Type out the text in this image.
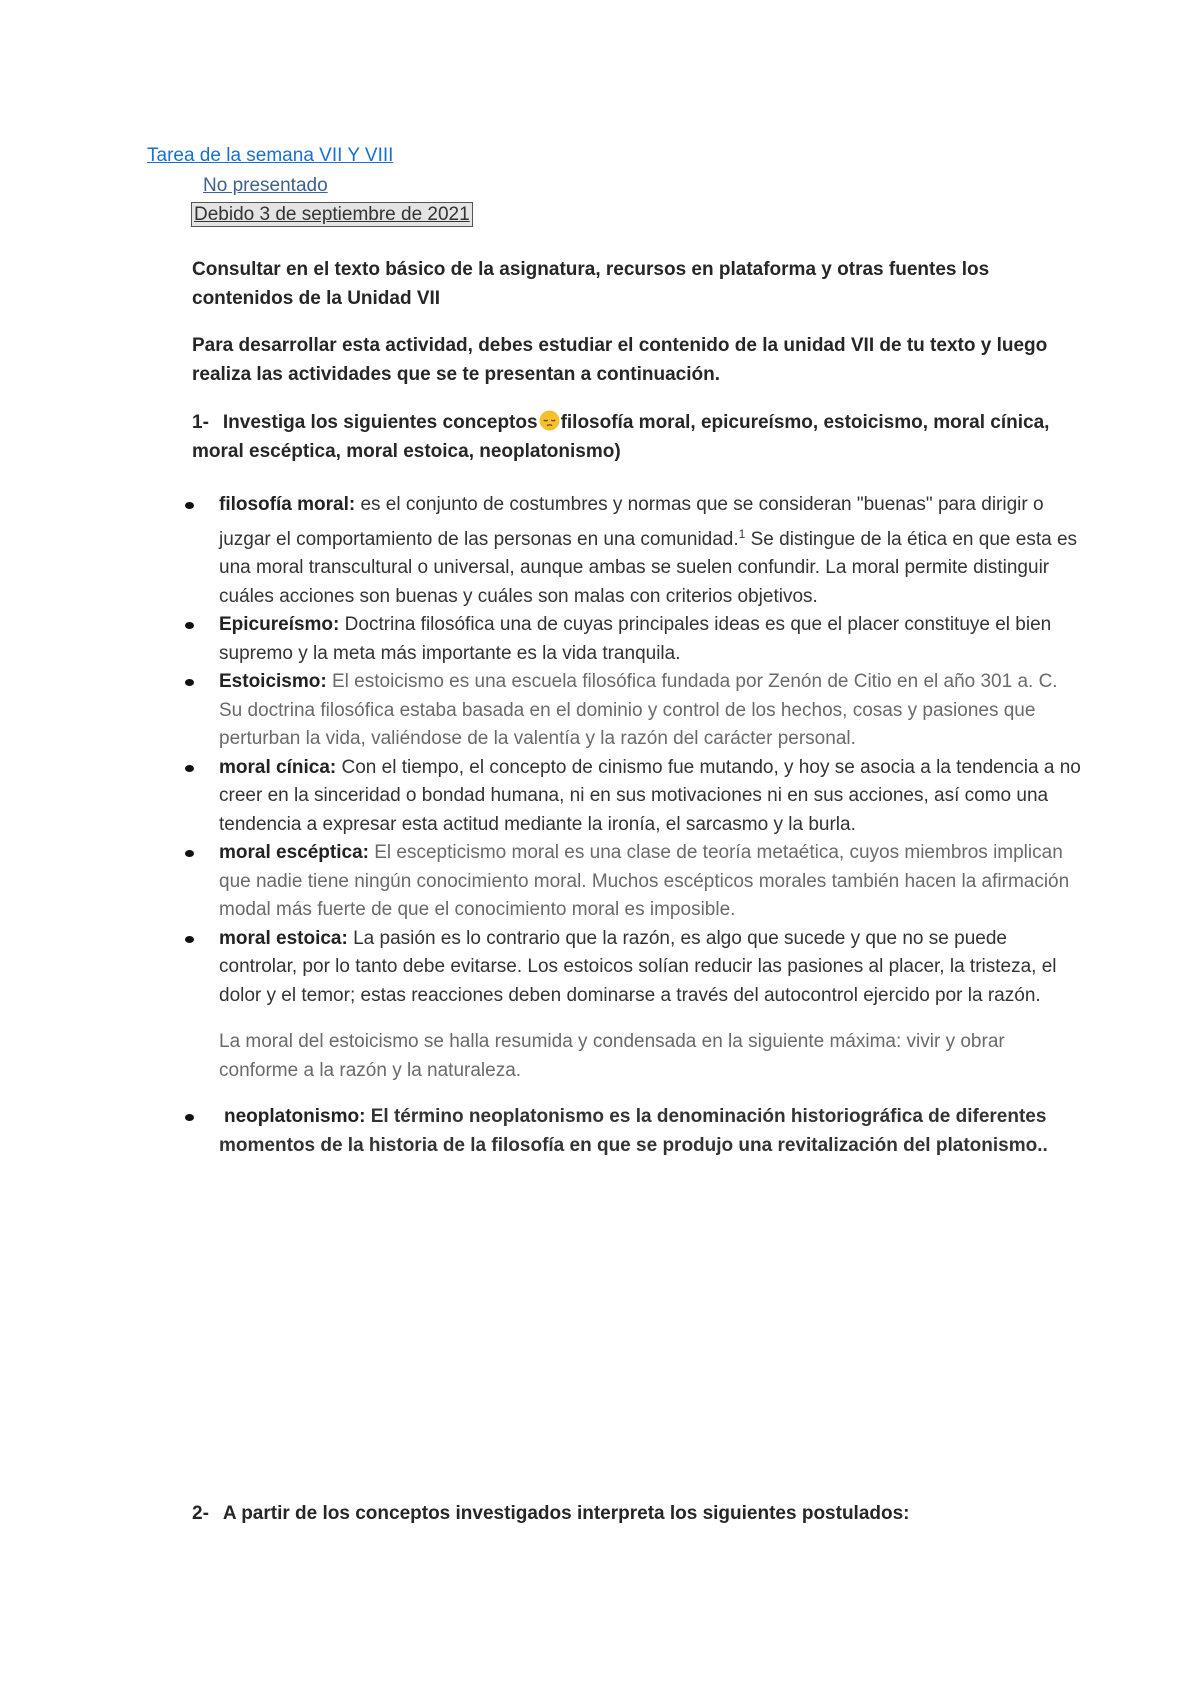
Tarea de la semana VII Y VIII
No presentado
Debido 3 de septiembre de 2021
Consultar en el texto básico de la asignatura, recursos en plataforma y otras fuentes los contenidos de la Unidad VII
Para desarrollar esta actividad, debes estudiar el contenido de la unidad VII de tu texto y luego realiza las actividades que se te presentan a continuación.
1- Investiga los siguientes conceptos filosofía moral, epicureísmo, estoicismo, moral cínica, moral escéptica, moral estoica, neoplatonismo)
filosofía moral: es el conjunto de costumbres y normas que se consideran "buenas" para dirigir o juzgar el comportamiento de las personas en una comunidad.$^1$ Se distingue de la ética en que esta es una moral transcultural o universal, aunque ambas se suelen confundir. La moral permite distinguir cuáles acciones son buenas y cuáles son malas con criterios objetivos.
Epicureísmo: Doctrina filosófica una de cuyas principales ideas es que el placer constituye el bien supremo y la meta más importante es la vida tranquila.
Estoicismo: El estoicismo es una escuela filosófica fundada por Zenón de Citio en el año 301 a. C. Su doctrina filosófica estaba basada en el dominio y control de los hechos, cosas y pasiones que perturban la vida, valiéndose de la valentía y la razón del carácter personal.
moral cínica: Con el tiempo, el concepto de cinismo fue mutando, y hoy se asocia a la tendencia a no creer en la sinceridad o bondad humana, ni en sus motivaciones ni en sus acciones, así como una tendencia a expresar esta actitud mediante la ironía, el sarcasmo y la burla.
moral escéptica: El escepticismo moral es una clase de teoría metaética, cuyos miembros implican que nadie tiene ningún conocimiento moral. Muchos escépticos morales también hacen la afirmación modal más fuerte de que el conocimiento moral es imposible.
moral estoica: La pasión es lo contrario que la razón, es algo que sucede y que no se puede controlar, por lo tanto debe evitarse. Los estoicos solían reducir las pasiones al placer, la tristeza, el dolor y el temor; estas reacciones deben dominarse a través del autocontrol ejercido por la razón.
La moral del estoicismo se halla resumida y condensada en la siguiente máxima: vivir y obrar conforme a la razón y la naturaleza.
neoplatonismo: El término neoplatonismo es la denominación historiográfica de diferentes momentos de la historia de la filosofía en que se produjo una revitalización del platonismo..
2- A partir de los conceptos investigados interpreta los siguientes postulados:
